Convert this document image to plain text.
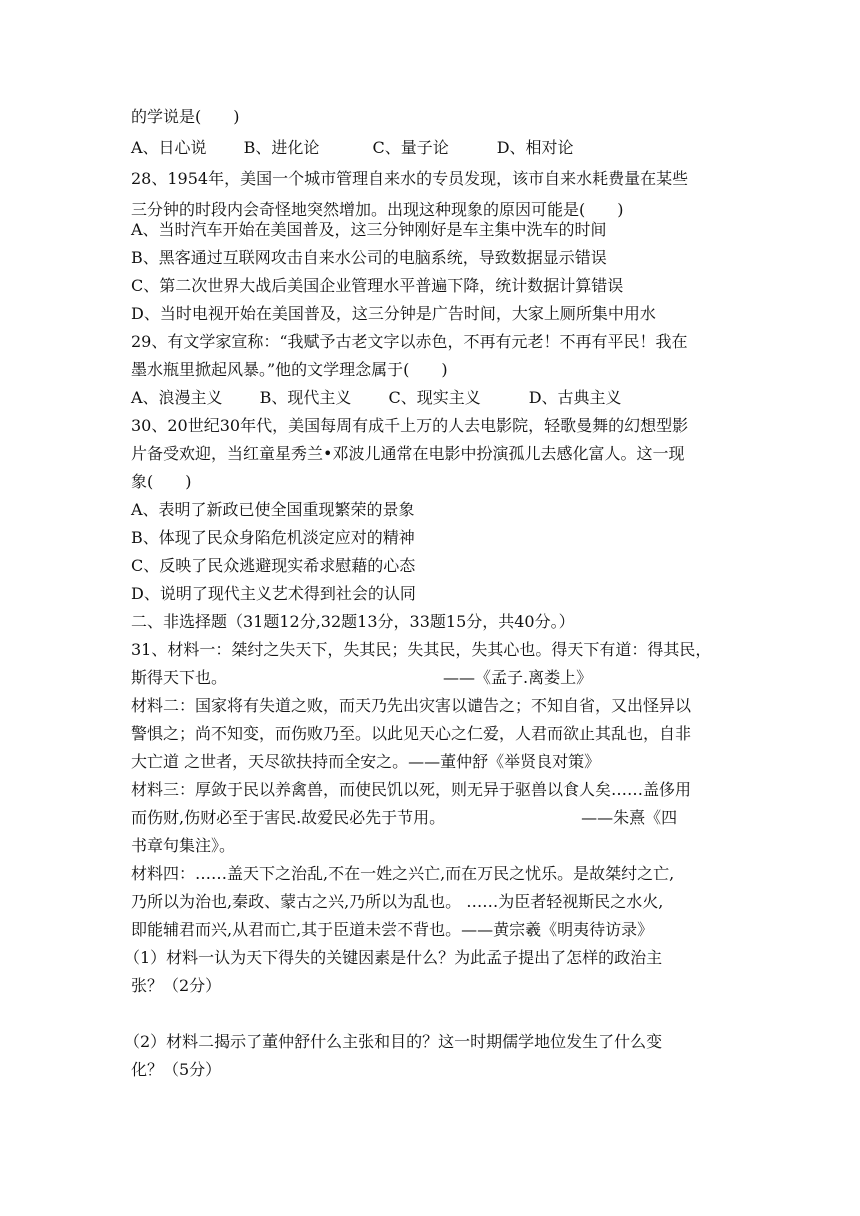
的学说是(　　)
A、日心说　　 B、进化论　　　 C、量子论　　　D、相对论
28、1954年，美国一个城市管理自来水的专员发现，该市自来水耗费量在某些
三分钟的时段内会奇怪地突然增加。出现这种现象的原因可能是(　　)
A、当时汽车开始在美国普及，这三分钟刚好是车主集中洗车的时间
B、黑客通过互联网攻击自来水公司的电脑系统，导致数据显示错误
C、第二次世界大战后美国企业管理水平普遍下降，统计数据计算错误
D、当时电视开始在美国普及，这三分钟是广告时间，大家上厕所集中用水
29、有文学家宣称：“我赋予古老文字以赤色，不再有元老！不再有平民！我在
墨水瓶里掀起风暴。”他的文学理念属于(　　)
A、浪漫主义　　 B、现代主义　　 C、现实主义　　　D、古典主义
30、20世纪30年代，美国每周有成千上万的人去电影院，轻歌曼舞的幻想型影
片备受欢迎，当红童星秀兰•邓波儿通常在电影中扮演孤儿去感化富人。这一现
象(　　)
A、表明了新政已使全国重现繁荣的景象
B、体现了民众身陷危机淡定应对的精神
C、反映了民众逃避现实希求慰藉的心态
D、说明了现代主义艺术得到社会的认同
二、非选择题（31题12分,32题13分，33题15分，共40分。）
31、材料一：桀纣之失天下，失其民；失其民，失其心也。得天下有道：得其民，
斯得天下也。　　　　　　　　　　　　　　——《孟子.离娄上》
材料二：国家将有失道之败，而天乃先出灾害以谴告之；不知自省，又出怪异以
警惧之；尚不知变，而伤败乃至。以此见天心之仁爱，人君而欲止其乱也，自非
大亡道 之世者，天尽欲扶持而全安之。——董仲舒《举贤良对策》
材料三：厚敛于民以养禽兽，而使民饥以死，则无异于驱兽以食人矣……盖侈用
而伤财,伤财必至于害民.故爱民必先于节用。　　　　　　　　　——朱熹《四
书章句集注》。
材料四：……盖天下之治乱,不在一姓之兴亡,而在万民之忧乐。是故桀纣之亡,
乃所以为治也,秦政、蒙古之兴,乃所以为乱也。 ……为臣者轻视斯民之水火,
即能辅君而兴,从君而亡,其于臣道未尝不背也。——黄宗羲《明夷待访录》
（1）材料一认为天下得失的关键因素是什么？为此孟子提出了怎样的政治主
张？（2分）
（2）材料二揭示了董仲舒什么主张和目的？这一时期儒学地位发生了什么变
化？（5分）
